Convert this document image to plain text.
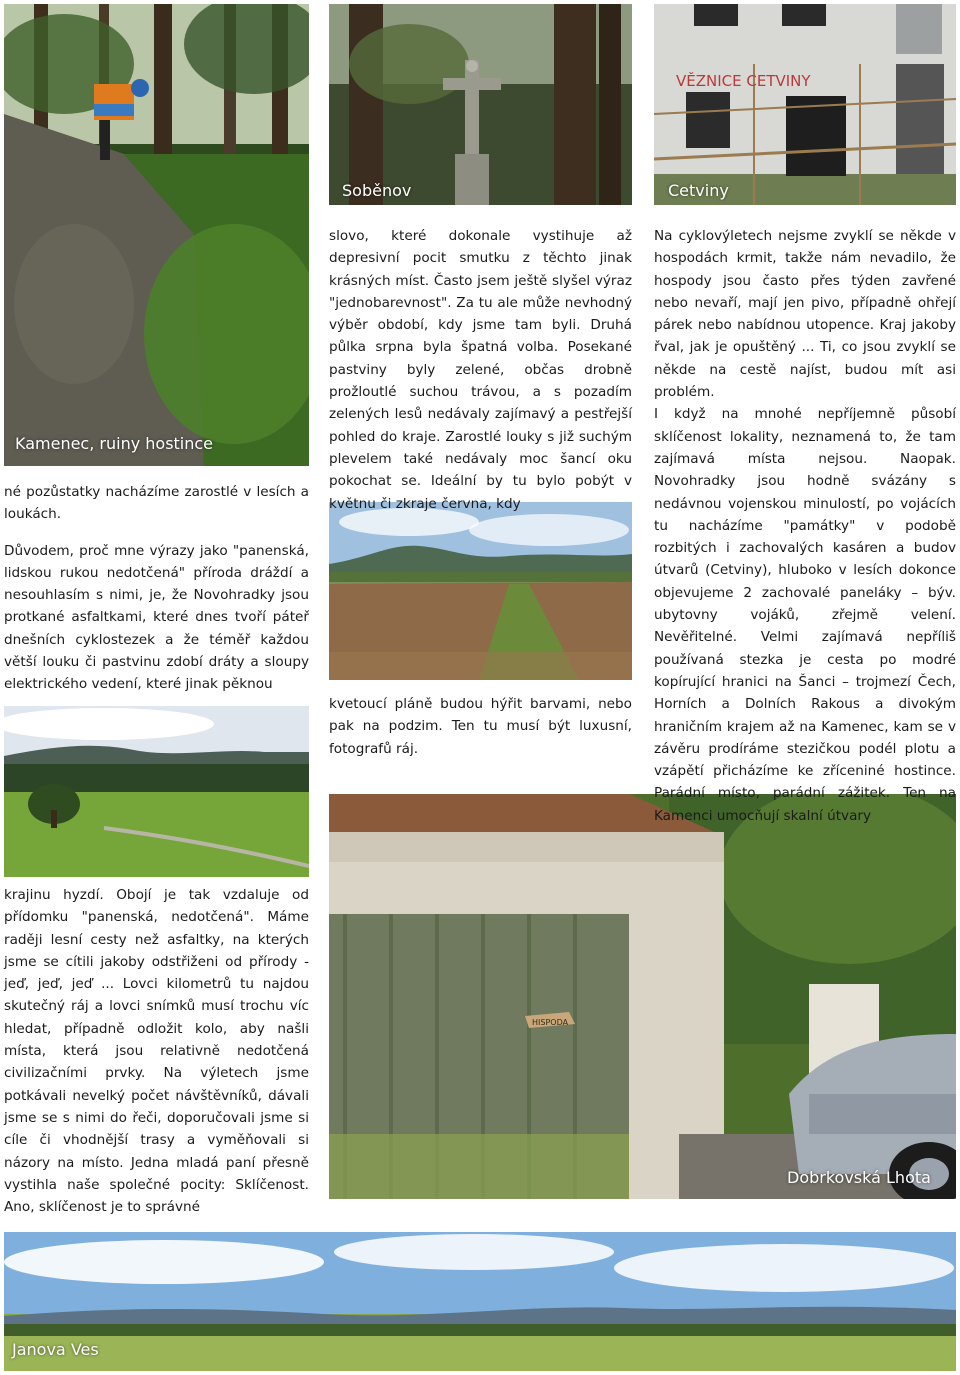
Kamenec, ruiny hostince
Soběnov
VĚZNICE CETVINY
Cetviny
HISPODA
Dobrkovská Lhota
Janova Ves

né pozůstatky nacházíme zarostlé v lesích a loukách.

Důvodem, proč mne výrazy jako "panenská, lidskou rukou nedotčená" příroda dráždí a nesouhlasím s nimi, je, že Novohradky jsou protkané asfaltkami, které dnes tvoří páteř dnešních cyklostezek a že téměř každou větší louku či pastvinu zdobí dráty a sloupy elektrického vedení, které jinak pěknou

krajinu hyzdí. Obojí je tak vzdaluje od přídomku "panenská, nedotčená". Máme raději lesní cesty než asfaltky, na kterých jsme se cítili jakoby odstřiženi od přírody - jeď, jeď, jeď ... Lovci kilometrů tu najdou skutečný ráj a lovci snímků musí trochu víc hledat, případně odložit kolo, aby našli místa, která jsou relativně nedotčená civilizačními prvky. Na výletech jsme potkávali nevelký počet návštěvníků, dávali jsme se s nimi do řeči, doporučovali jsme si cíle či vhodnější trasy a vyměňovali si názory na místo. Jedna mladá paní přesně vystihla naše společné pocity: Sklíčenost. Ano, sklíčenost je to správné

slovo, které dokonale vystihuje až depresivní pocit smutku z těchto jinak krásných míst. Často jsem ještě slyšel výraz "jednobarevnost". Za tu ale může nevhodný výběr období, kdy jsme tam byli. Druhá půlka srpna byla špatná volba. Posekané pastviny byly zelené, občas drobně prožloutlé suchou trávou, a s pozadím zelených lesů nedávaly zajímavý a pestřejší pohled do kraje. Zarostlé louky s již suchým plevelem také nedávaly moc šancí oku pokochat se. Ideální by tu bylo pobýt v květnu či zkraje června, kdy

kvetoucí pláně budou hýřit barvami, nebo pak na podzim. Ten tu musí být luxusní, fotografů ráj.

Na cyklovýletech nejsme zvyklí se někde v hospodách krmit, takže nám nevadilo, že hospody jsou často přes týden zavřené nebo nevaří, mají jen pivo, případně ohřejí párek nebo nabídnou utopence. Kraj jakoby řval, jak je opuštěný ... Ti, co jsou zvyklí se někde na cestě najíst, budou mít asi problém.

I když na mnohé nepříjemně působí sklíčenost lokality, neznamená to, že tam zajímavá místa nejsou. Naopak. Novohradky jsou hodně svázány s nedávnou vojenskou minulostí, po vojácích tu nacházíme "památky" v podobě rozbitých i zachovalých kasáren a budov útvarů (Cetviny), hluboko v lesích dokonce objevujeme 2 zachovalé paneláky – býv. ubytovny vojáků, zřejmě velení. Nevěřitelné. Velmi zajímavá nepříliš používaná stezka je cesta po modré kopírující hranici na Šanci – trojmezí Čech, Horních a Dolních Rakous a divokým hraničním krajem až na Kamenec, kam se v závěru prodíráme stezičkou podél plotu a vzápětí přicházíme ke zříceniné hostince. Parádní místo, parádní zážitek. Ten na Kamenci umocňují skalní útvary
